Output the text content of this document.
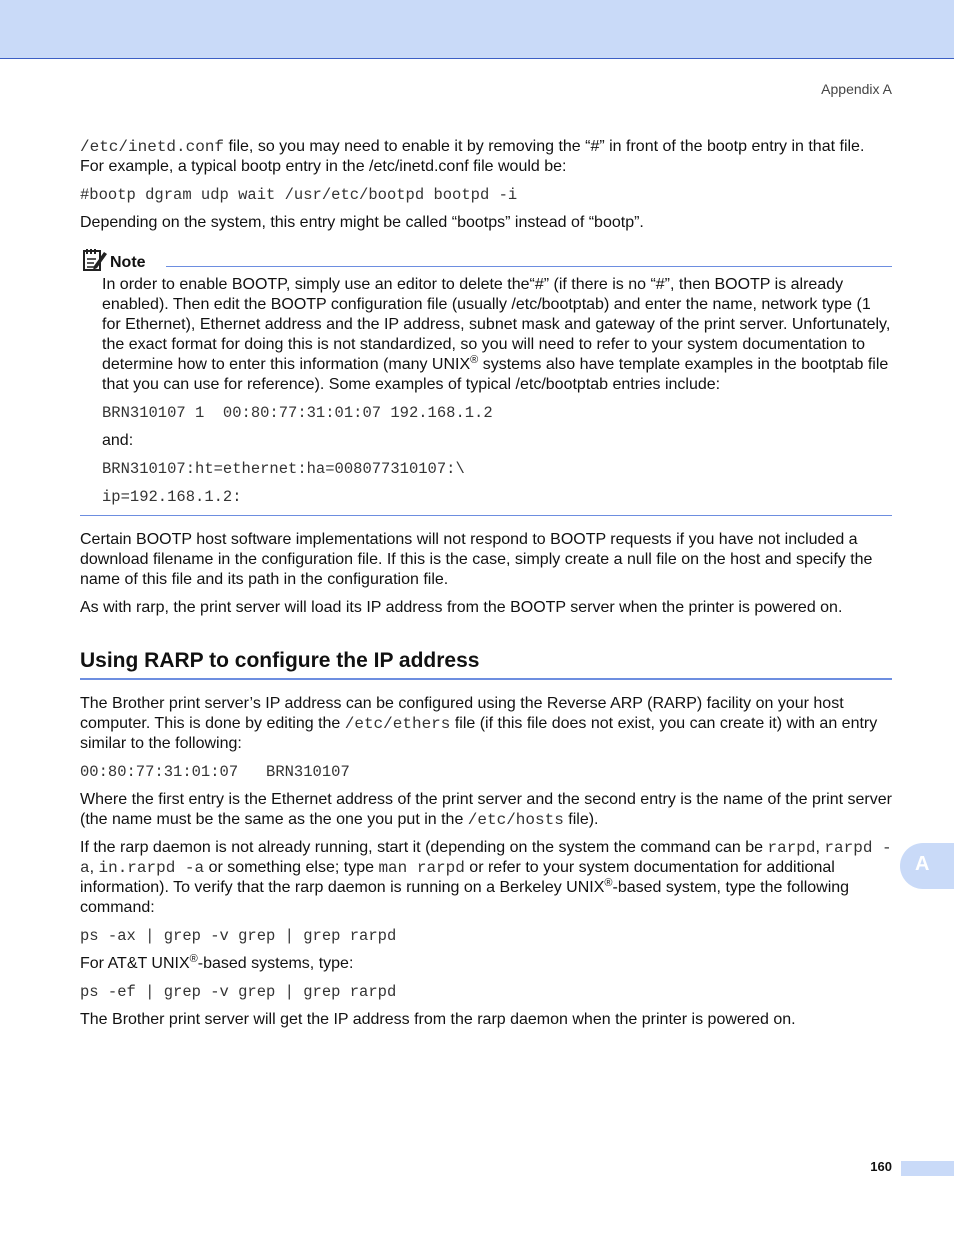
Appendix A

/etc/inetd.conf file, so you may need to enable it by removing the “#” in front of the bootp entry in that file. For example, a typical bootp entry in the /etc/inetd.conf file would be:

#bootp dgram udp wait /usr/etc/bootpd bootpd -i

Depending on the system, this entry might be called “bootps” instead of “bootp”.

Note

In order to enable BOOTP, simply use an editor to delete the“#” (if there is no “#”, then BOOTP is already enabled). Then edit the BOOTP configuration file (usually /etc/bootptab) and enter the name, network type (1 for Ethernet), Ethernet address and the IP address, subnet mask and gateway of the print server. Unfortunately, the exact format for doing this is not standardized, so you will need to refer to your system documentation to determine how to enter this information (many UNIX® systems also have template examples in the bootptab file that you can use for reference). Some examples of typical /etc/bootptab entries include:

BRN310107 1  00:80:77:31:01:07 192.168.1.2

and:

BRN310107:ht=ethernet:ha=008077310107:\

ip=192.168.1.2:

Certain BOOTP host software implementations will not respond to BOOTP requests if you have not included a download filename in the configuration file. If this is the case, simply create a null file on the host and specify the name of this file and its path in the configuration file.

As with rarp, the print server will load its IP address from the BOOTP server when the printer is powered on.

Using RARP to configure the IP address

The Brother print server’s IP address can be configured using the Reverse ARP (RARP) facility on your host computer. This is done by editing the /etc/ethers file (if this file does not exist, you can create it) with an entry similar to the following:

00:80:77:31:01:07   BRN310107

Where the first entry is the Ethernet address of the print server and the second entry is the name of the print server (the name must be the same as the one you put in the /etc/hosts file).

If the rarp daemon is not already running, start it (depending on the system the command can be rarpd, rarpd -a, in.rarpd -a or something else; type man rarpd or refer to your system documentation for additional information). To verify that the rarp daemon is running on a Berkeley UNIX®-based system, type the following command:

ps -ax | grep -v grep | grep rarpd

For AT&T UNIX®-based systems, type:

ps -ef | grep -v grep | grep rarpd

The Brother print server will get the IP address from the rarp daemon when the printer is powered on.

A
160
